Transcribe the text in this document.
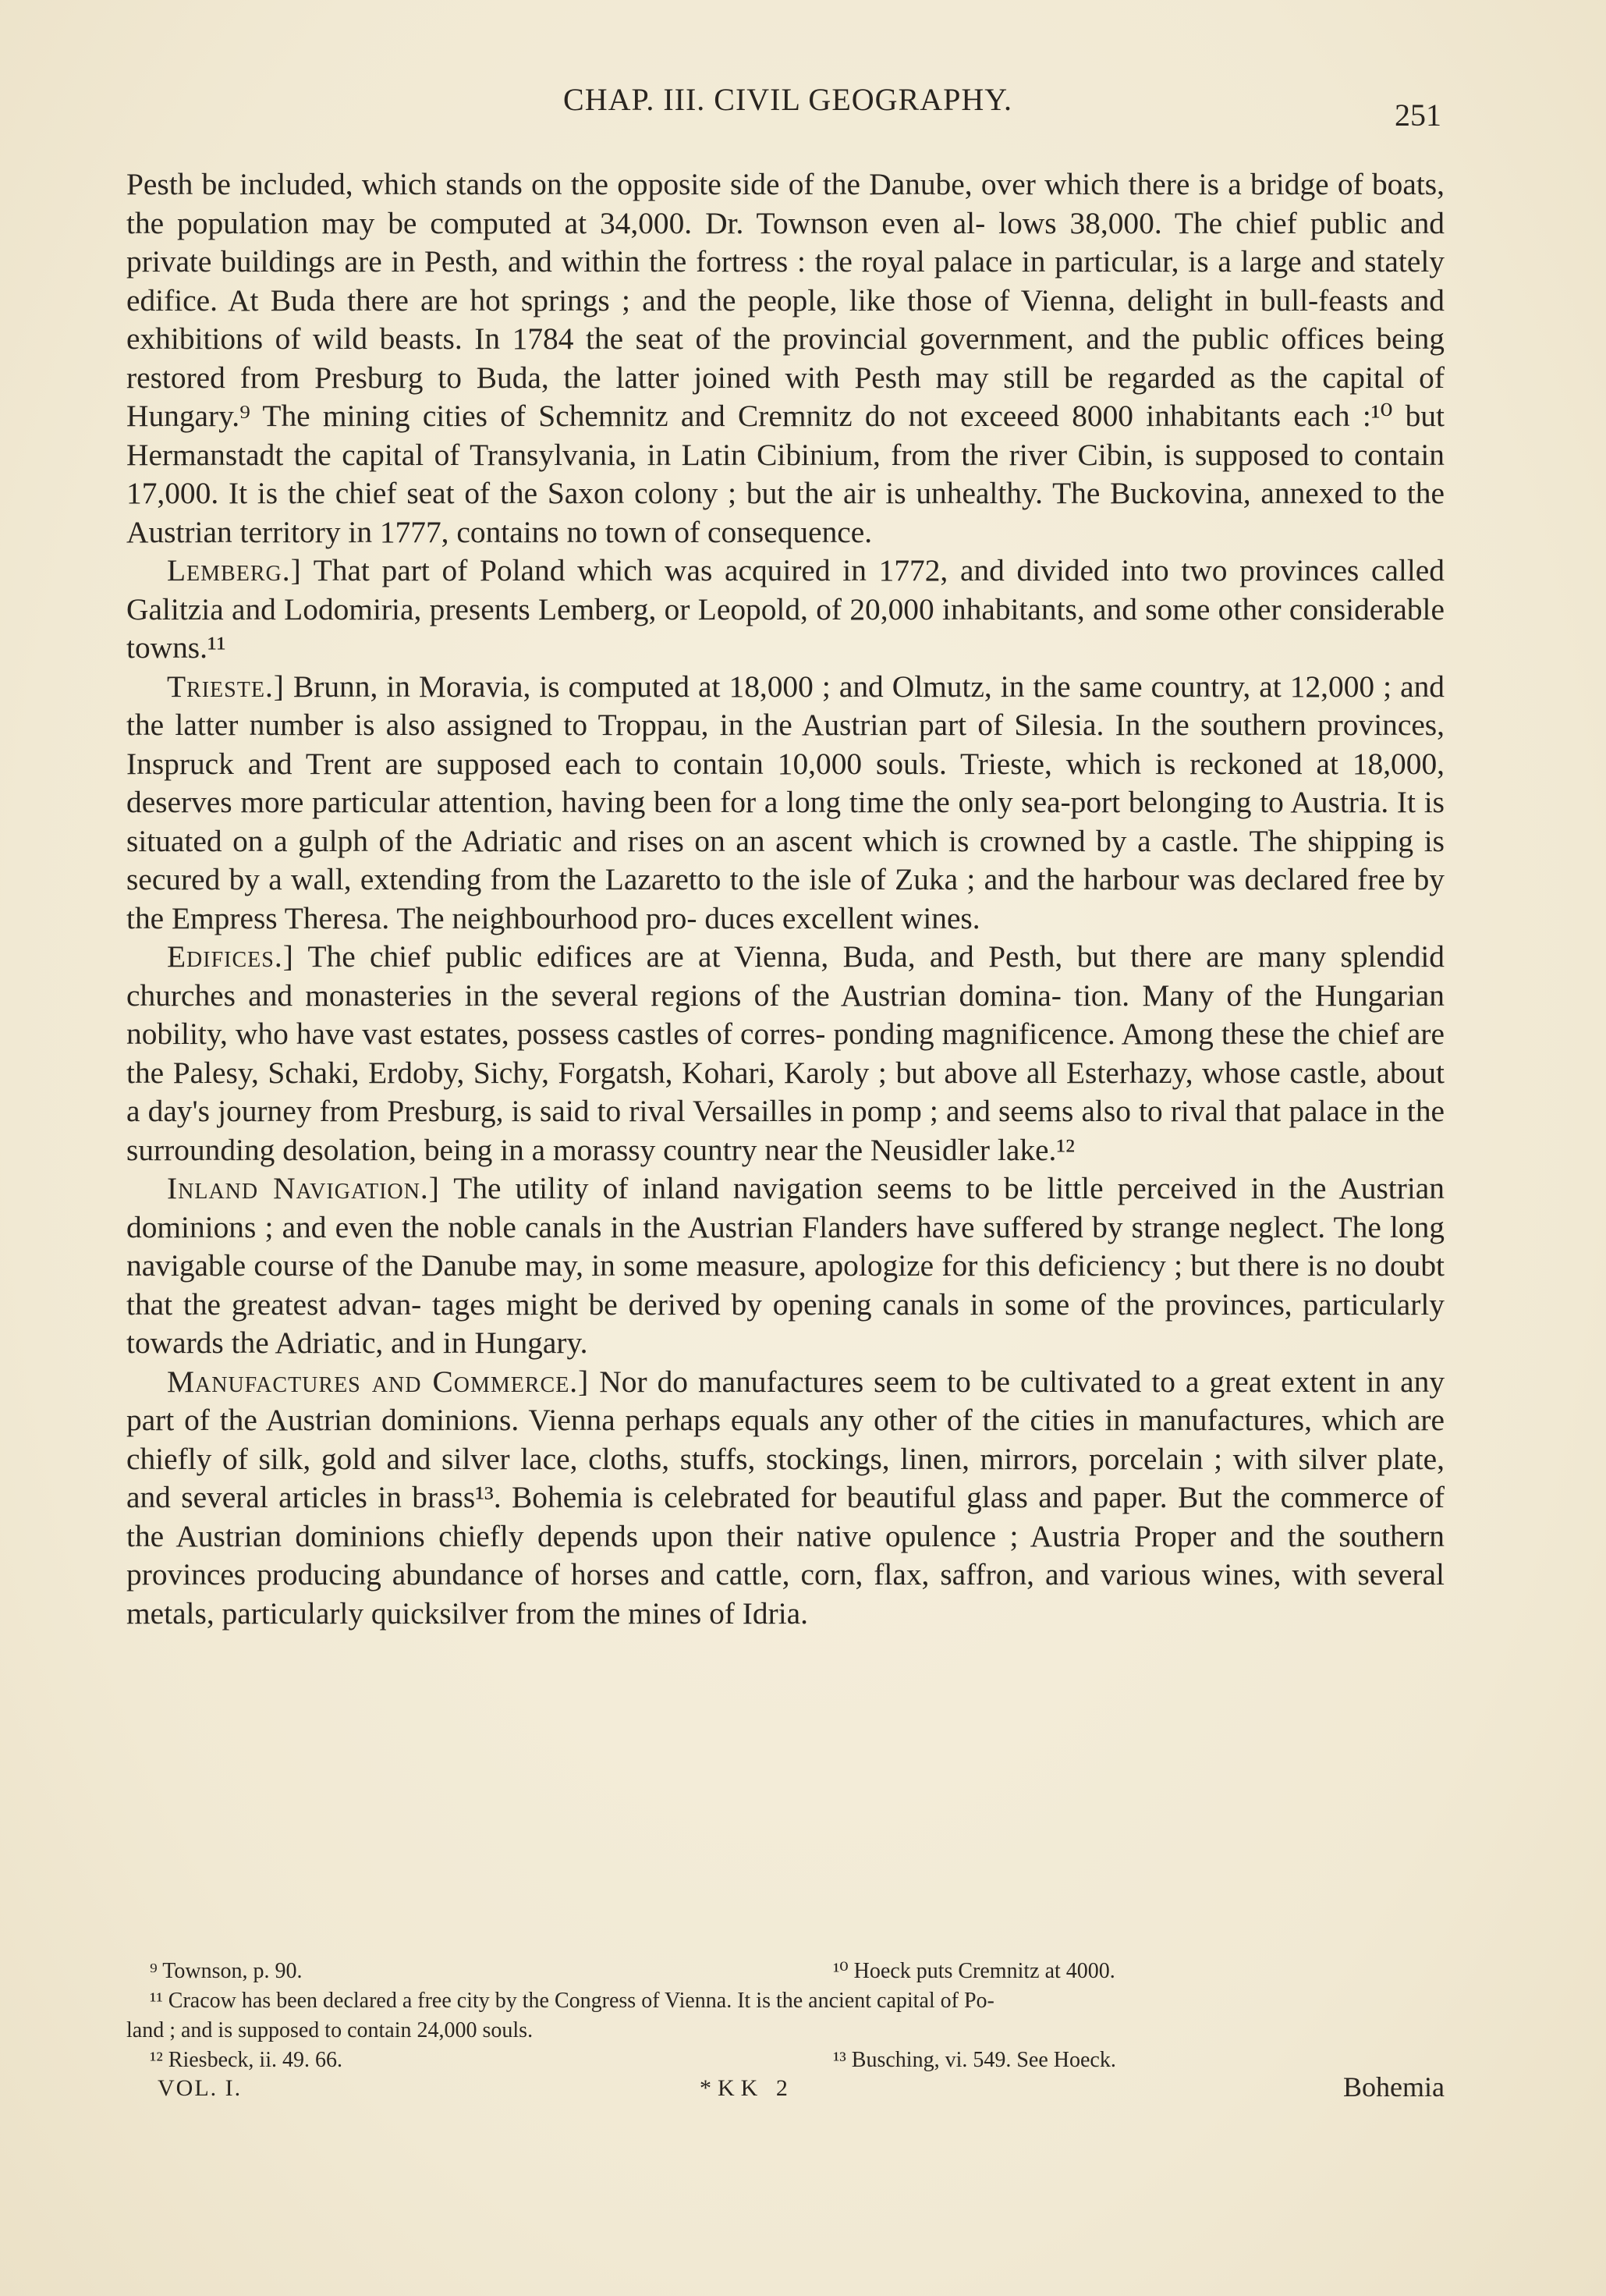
CHAP. III. CIVIL GEOGRAPHY.	251
Pesth be included, which stands on the opposite side of the Danube, over which there is a bridge of boats, the population may be computed at 34,000. Dr. Townson even al- lows 38,000. The chief public and private buildings are in Pesth, and within the fortress : the royal palace in particular, is a large and stately edifice. At Buda there are hot springs ; and the people, like those of Vienna, delight in bull-feasts and exhibitions of wild beasts. In 1784 the seat of the provincial government, and the public offices being restored from Presburg to Buda, the latter joined with Pesth may still be regarded as the capital of Hungary.⁹ The mining cities of Schemnitz and Cremnitz do not exceeed 8000 inhabitants each :¹⁰ but Hermanstadt the capital of Transylvania, in Latin Cibinium, from the river Cibin, is supposed to contain 17,000. It is the chief seat of the Saxon colony ; but the air is unhealthy. The Buckovina, annexed to the Austrian territory in 1777, contains no town of consequence.
Lemberg.] That part of Poland which was acquired in 1772, and divided into two provinces called Galitzia and Lodomiria, presents Lemberg, or Leopold, of 20,000 inhabitants, and some other considerable towns.¹¹
Trieste.] Brunn, in Moravia, is computed at 18,000 ; and Olmutz, in the same country, at 12,000 ; and the latter number is also assigned to Troppau, in the Austrian part of Silesia. In the southern provinces, Inspruck and Trent are supposed each to contain 10,000 souls. Trieste, which is reckoned at 18,000, deserves more particular attention, having been for a long time the only sea-port belonging to Austria. It is situated on a gulph of the Adriatic and rises on an ascent which is crowned by a castle. The shipping is secured by a wall, extending from the Lazaretto to the isle of Zuka ; and the harbour was declared free by the Empress Theresa. The neighbourhood pro- duces excellent wines.
Edifices.] The chief public edifices are at Vienna, Buda, and Pesth, but there are many splendid churches and monasteries in the several regions of the Austrian domina- tion. Many of the Hungarian nobility, who have vast estates, possess castles of corres- ponding magnificence. Among these the chief are the Palesy, Schaki, Erdoby, Sichy, Forgatsh, Kohari, Karoly ; but above all Esterhazy, whose castle, about a day's journey from Presburg, is said to rival Versailles in pomp ; and seems also to rival that palace in the surrounding desolation, being in a morassy country near the Neusidler lake.¹²
Inland Navigation.] The utility of inland navigation seems to be little perceived in the Austrian dominions ; and even the noble canals in the Austrian Flanders have suffered by strange neglect. The long navigable course of the Danube may, in some measure, apologize for this deficiency ; but there is no doubt that the greatest advan- tages might be derived by opening canals in some of the provinces, particularly towards the Adriatic, and in Hungary.
Manufactures and Commerce.] Nor do manufactures seem to be cultivated to a great extent in any part of the Austrian dominions. Vienna perhaps equals any other of the cities in manufactures, which are chiefly of silk, gold and silver lace, cloths, stuffs, stockings, linen, mirrors, porcelain ; with silver plate, and several articles in brass¹³. Bohemia is celebrated for beautiful glass and paper. But the commerce of the Austrian dominions chiefly depends upon their native opulence ; Austria Proper and the southern provinces producing abundance of horses and cattle, corn, flax, saffron, and various wines, with several metals, particularly quicksilver from the mines of Idria.
⁹ Townson, p. 90.	¹⁰ Hoeck puts Cremnitz at 4000.
¹¹ Cracow has been declared a free city by the Congress of Vienna. It is the ancient capital of Po-
land ; and is supposed to contain 24,000 souls.
¹² Riesbeck, ii. 49. 66.	¹³ Busching, vi. 549. See Hoeck.
VOL. I.	*KK 2	Bohemia
